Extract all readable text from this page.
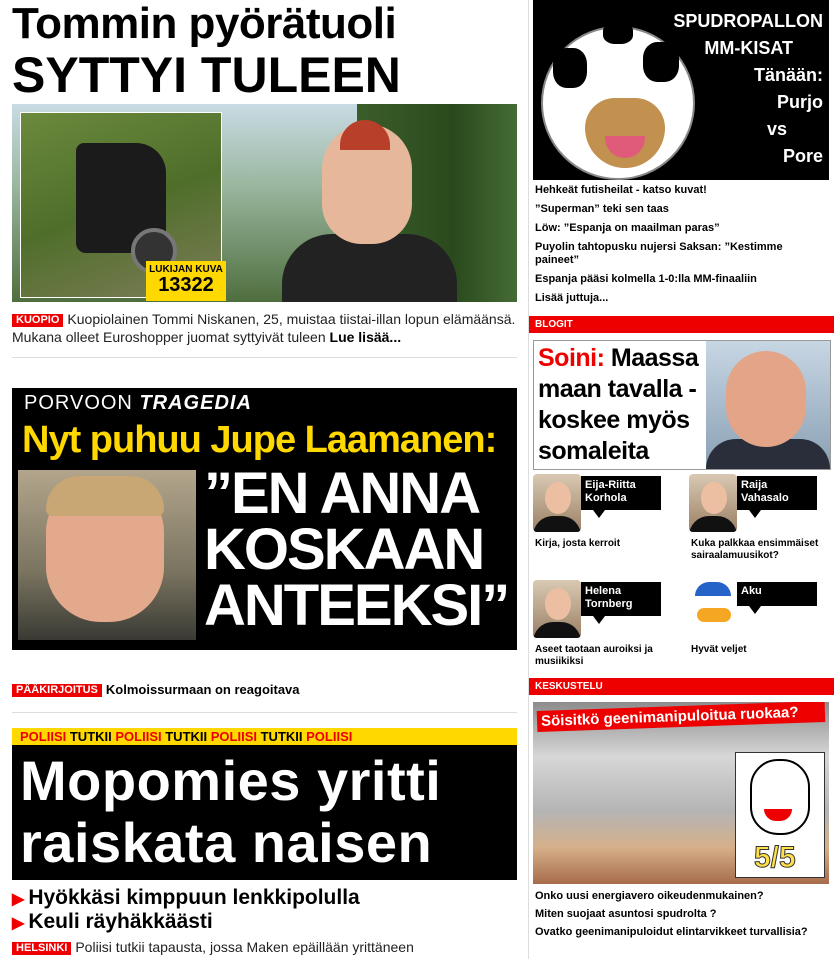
Tommin pyörätuoli
SYTTYI TULEEN
LUKIJAN KUVA
13322
KUOPIO Kuopiolainen Tommi Niskanen, 25, muistaa tiistai-illan lopun elämäänsä. Mukana olleet Euroshopper juomat syttyivät tuleen Lue lisää...
PORVOON TRAGEDIA
Nyt puhuu Jupe Laamanen:
”EN ANNA
KOSKAAN
ANTEEKSI”
PÄÄKIRJOITUS Kolmoissurmaan on reagoitava
POLIISI TUTKII POLIISI TUTKII POLIISI TUTKII POLIISI
Mopomies yritti
raiskata naisen
▶ Hyökkäsi kimppuun lenkkipolulla
▶ Keuli räyhäkkäästi
HELSINKI Poliisi tutkii tapausta, jossa Maken epäillään yrittäneen
SPUDROPALLON
MM-KISAT
Tänään:
Purjo
vs
Pore
Hehkeät futisheilat - katso kuvat!
”Superman” teki sen taas
Löw: ”Espanja on maailman paras”
Puyolin tahtopusku nujersi Saksan: ”Kestimme paineet”
Espanja pääsi kolmella 1-0:lla MM-finaaliin
Lisää juttuja...
BLOGIT
Soini: Maassa
maan tavalla -
koskee myös
somaleita
Eija-Riitta
Korhola
Kirja, josta kerroit
Raija
Vahasalo
Kuka palkkaa ensimmäiset sairaalamuusikot?
Helena
Tornberg
Aseet taotaan auroiksi ja musiikiksi
Aku
Hyvät veljet
KESKUSTELU
Söisitkö geenimanipuloitua ruokaa?
5/5
Onko uusi energiavero oikeudenmukainen?
Miten suojaat asuntosi spudrolta ?
Ovatko geenimanipuloidut elintarvikkeet turvallisia?
